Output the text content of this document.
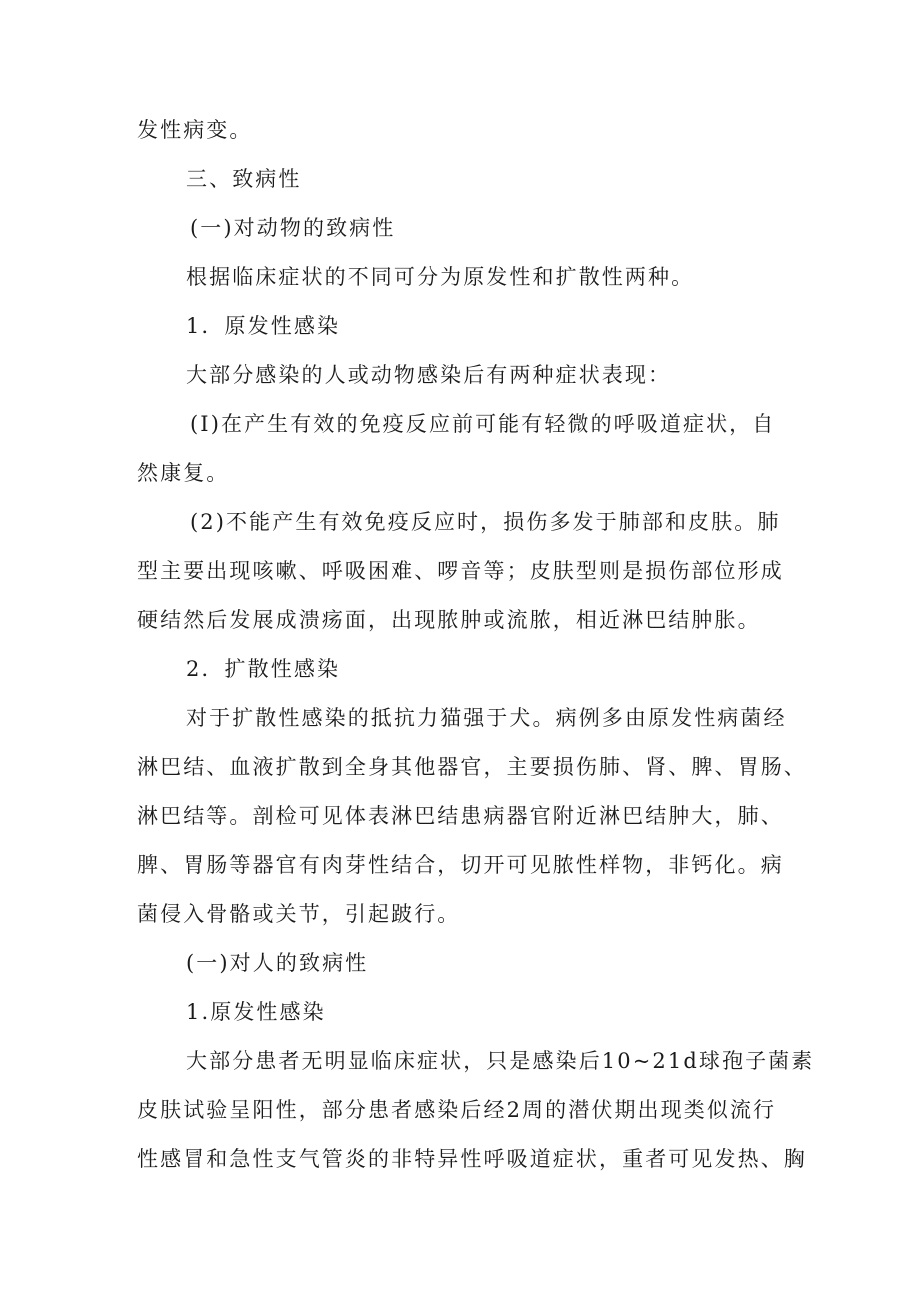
发性病变。
三、致病性
(一)对动物的致病性
根据临床症状的不同可分为原发性和扩散性两种。
1．原发性感染
大部分感染的人或动物感染后有两种症状表现：
(I)在产生有效的免疫反应前可能有轻微的呼吸道症状，自
然康复。
(2)不能产生有效免疫反应时，损伤多发于肺部和皮肤。肺
型主要出现咳嗽、呼吸困难、啰音等；皮肤型则是损伤部位形成
硬结然后发展成溃疡面，出现脓肿或流脓，相近淋巴结肿胀。
2．扩散性感染
对于扩散性感染的抵抗力猫强于犬。病例多由原发性病菌经
淋巴结、血液扩散到全身其他器官，主要损伤肺、肾、脾、胃肠、
淋巴结等。剖检可见体表淋巴结患病器官附近淋巴结肿大，肺、
脾、胃肠等器官有肉芽性结合，切开可见脓性样物，非钙化。病
菌侵入骨骼或关节，引起跛行。
(一)对人的致病性
1.原发性感染
大部分患者无明显临床症状，只是感染后10~21d球孢子菌素
皮肤试验呈阳性，部分患者感染后经2周的潜伏期出现类似流行
性感冒和急性支气管炎的非特异性呼吸道症状，重者可见发热、胸
